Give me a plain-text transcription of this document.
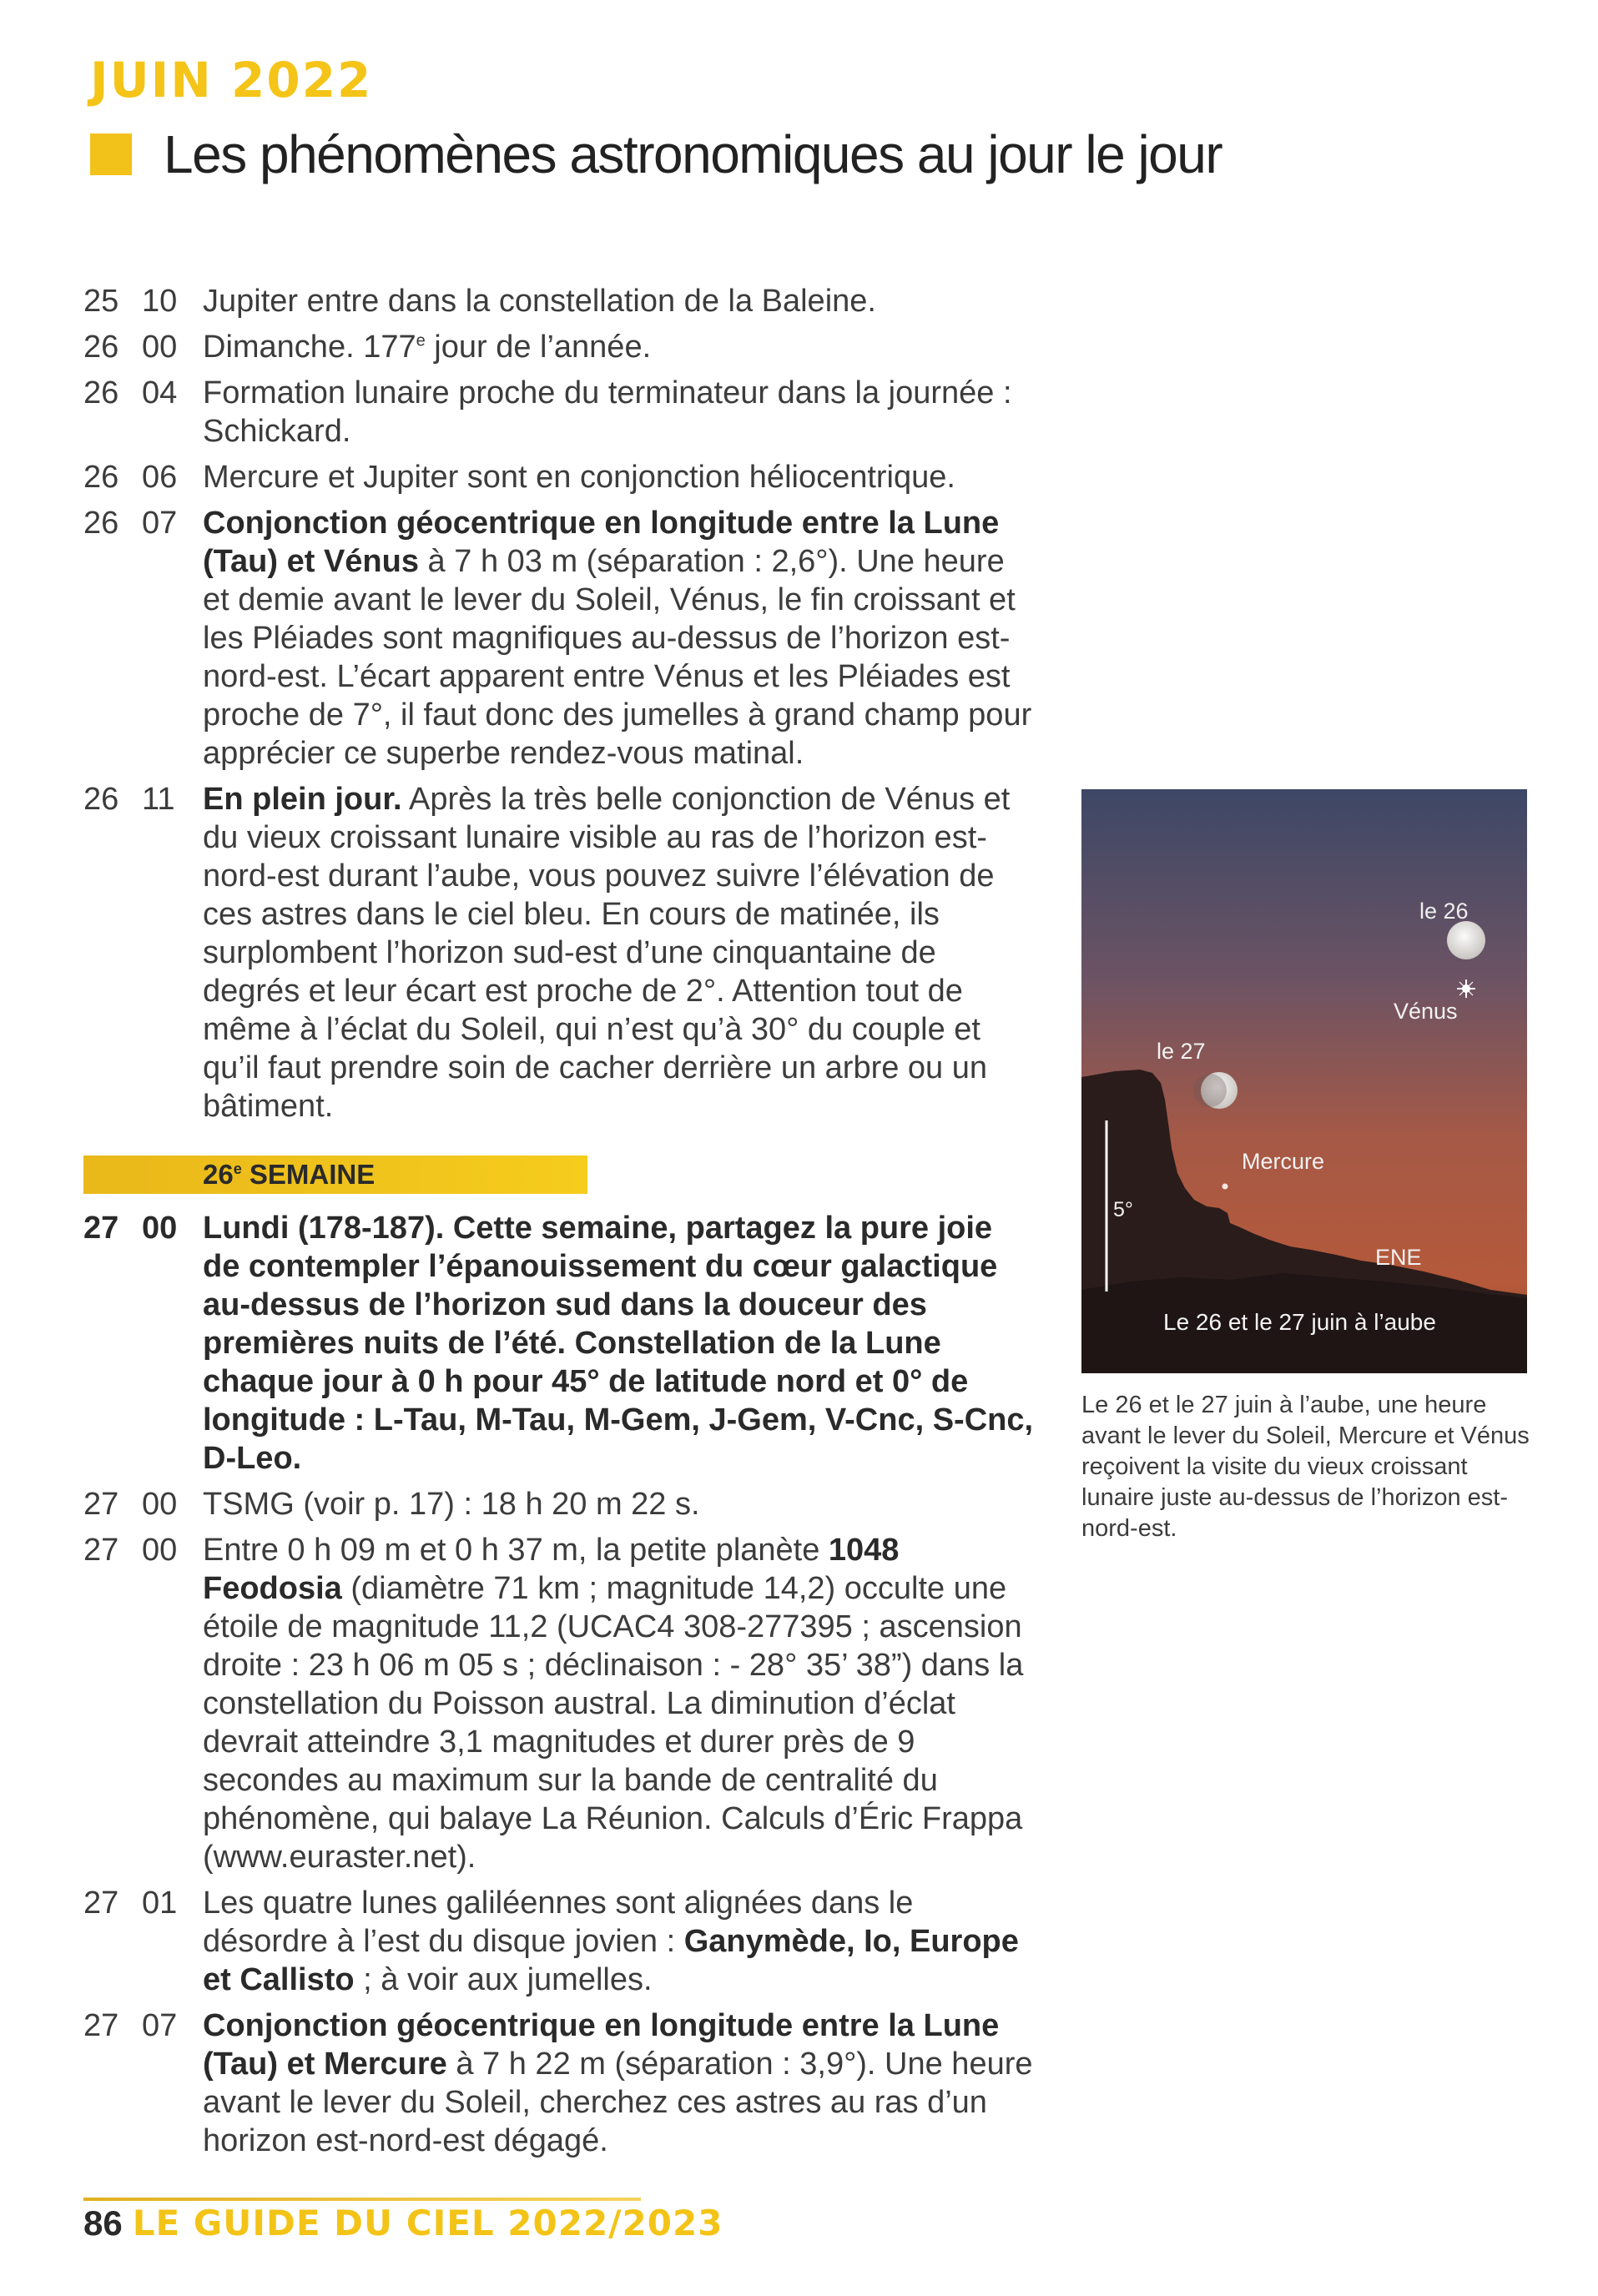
JUIN 2022
Les phénomènes astronomiques au jour le jour
25 10 Jupiter entre dans la constellation de la Baleine.
26 00 Dimanche. 177e jour de l’année.
26 04 Formation lunaire proche du terminateur dans la journée : Schickard.
26 06 Mercure et Jupiter sont en conjonction héliocentrique.
26 07 Conjonction géocentrique en longitude entre la Lune (Tau) et Vénus à 7 h 03 m (séparation : 2,6°). Une heure et demie avant le lever du Soleil, Vénus, le fin croissant et les Pléiades sont magnifiques au-dessus de l’horizon est-nord-est. L’écart apparent entre Vénus et les Pléiades est proche de 7°, il faut donc des jumelles à grand champ pour apprécier ce superbe rendez-vous matinal.
26 11 En plein jour. Après la très belle conjonction de Vénus et du vieux croissant lunaire visible au ras de l’horizon est-nord-est durant l’aube, vous pouvez suivre l’élévation de ces astres dans le ciel bleu. En cours de matinée, ils surplombent l’horizon sud-est d’une cinquantaine de degrés et leur écart est proche de 2°. Attention tout de même à l’éclat du Soleil, qui n’est qu’à 30° du couple et qu’il faut prendre soin de cacher derrière un arbre ou un bâtiment.
26e SEMAINE
27 00 Lundi (178-187). Cette semaine, partagez la pure joie de contempler l’épanouissement du cœur galactique au-dessus de l’horizon sud dans la douceur des premières nuits de l’été. Constellation de la Lune chaque jour à 0 h pour 45° de latitude nord et 0° de longitude : L-Tau, M-Tau, M-Gem, J-Gem, V-Cnc, S-Cnc, D-Leo.
27 00 TSMG (voir p. 17) : 18 h 20 m 22 s.
27 00 Entre 0 h 09 m et 0 h 37 m, la petite planète 1048 Feodosia (diamètre 71 km ; magnitude 14,2) occulte une étoile de magnitude 11,2 (UCAC4 308-277395 ; ascension droite : 23 h 06 m 05 s ; déclinaison : - 28° 35’ 38”) dans la constellation du Poisson austral. La diminution d’éclat devrait atteindre 3,1 magnitudes et durer près de 9 secondes au maximum sur la bande de centralité du phénomène, qui balaye La Réunion. Calculs d’Éric Frappa (www.euraster.net).
27 01 Les quatre lunes galiléennes sont alignées dans le désordre à l’est du disque jovien : Ganymède, Io, Europe et Callisto ; à voir aux jumelles.
27 07 Conjonction géocentrique en longitude entre la Lune (Tau) et Mercure à 7 h 22 m (séparation : 3,9°). Une heure avant le lever du Soleil, cherchez ces astres au ras d’un horizon est-nord-est dégagé.
le 26
Vénus
le 27
Mercure
5°
ENE
Le 26 et le 27 juin à l’aube
Le 26 et le 27 juin à l’aube, une heure avant le lever du Soleil, Mercure et Vénus reçoivent la visite du vieux croissant lunaire juste au-dessus de l’horizon est-nord-est.
86 LE GUIDE DU CIEL 2022/2023
